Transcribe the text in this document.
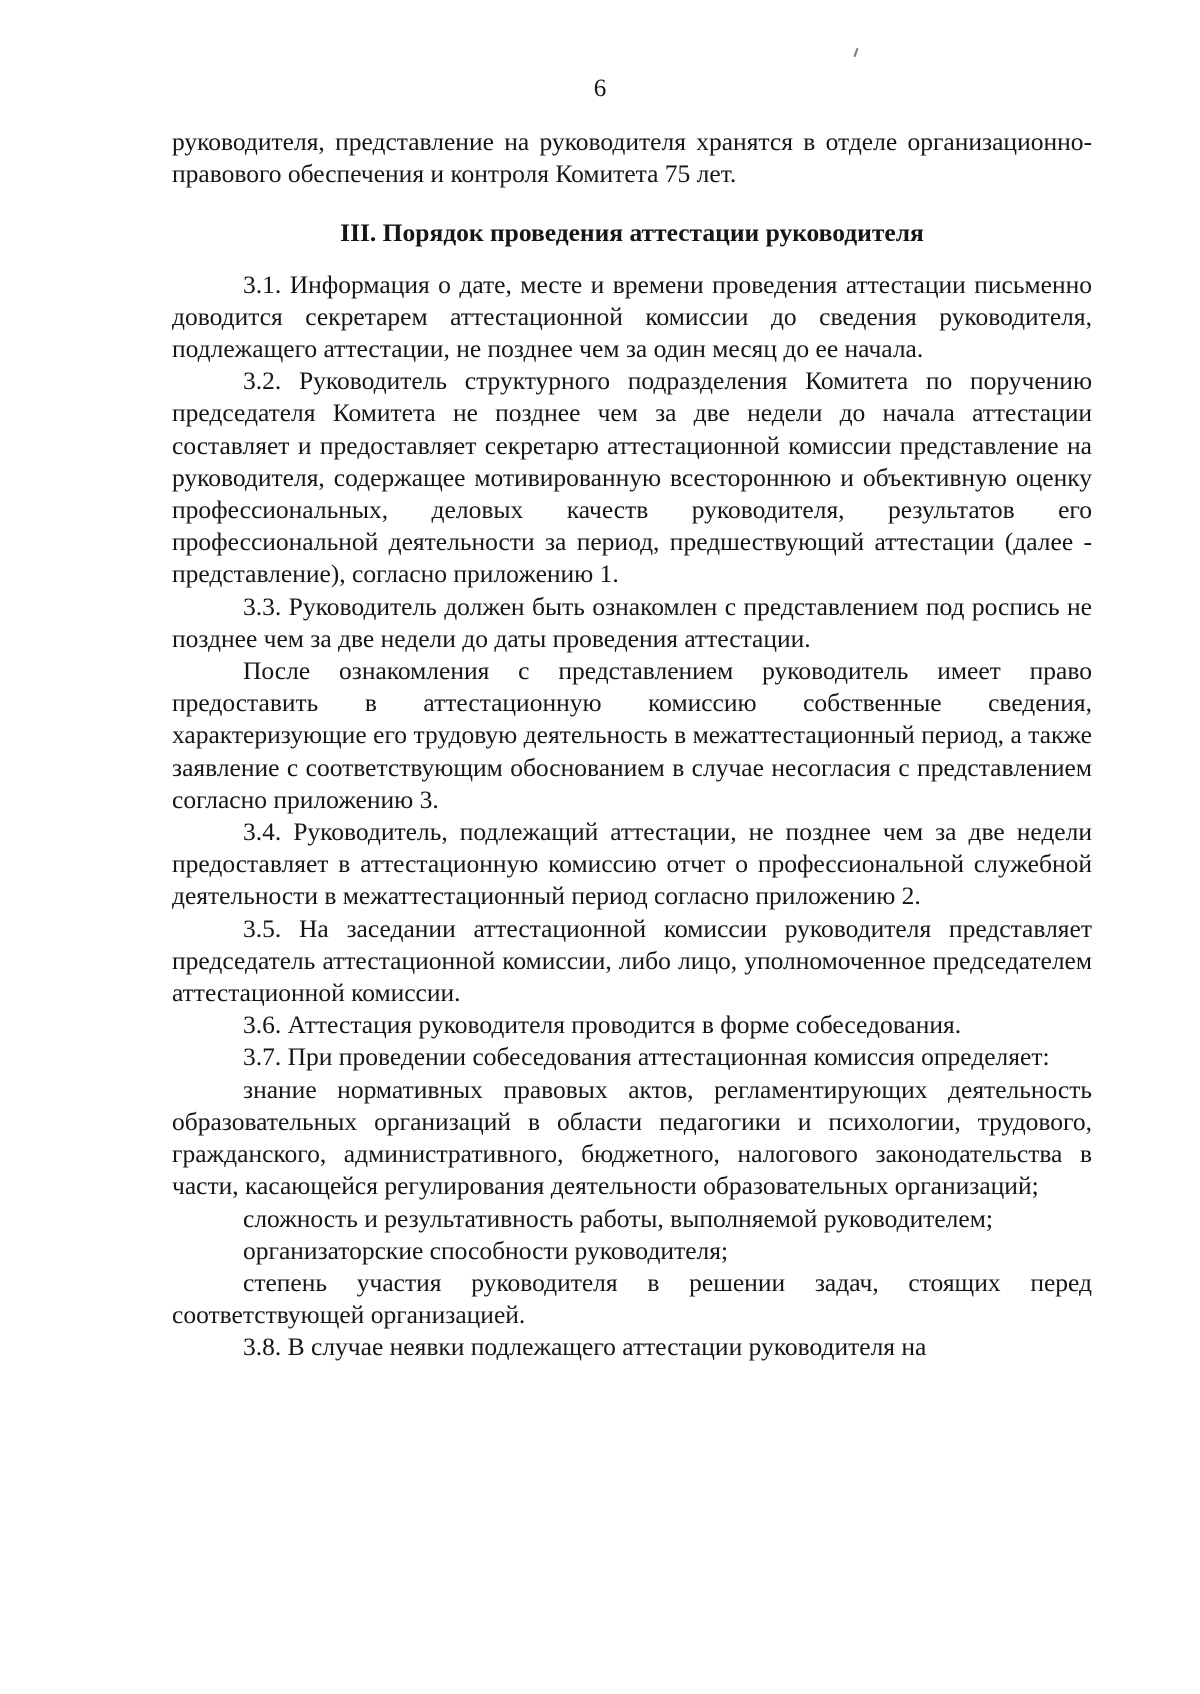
6

руководителя, представление на руководителя хранятся в отделе организационно-правового обеспечения и контроля Комитета 75 лет.

III. Порядок проведения аттестации руководителя

3.1. Информация о дате, месте и времени проведения аттестации письменно доводится секретарем аттестационной комиссии до сведения руководителя, подлежащего аттестации, не позднее чем за один месяц до ее начала.

3.2. Руководитель структурного подразделения Комитета по поручению председателя Комитета не позднее чем за две недели до начала аттестации составляет и предоставляет секретарю аттестационной комиссии представление на руководителя, содержащее мотивированную всестороннюю и объективную оценку профессиональных, деловых качеств руководителя, результатов его профессиональной деятельности за период, предшествующий аттестации (далее - представление), согласно приложению 1.

3.3. Руководитель должен быть ознакомлен с представлением под роспись не позднее чем за две недели до даты проведения аттестации.

После ознакомления с представлением руководитель имеет право предоставить в аттестационную комиссию собственные сведения, характеризующие его трудовую деятельность в межаттестационный период, а также заявление с соответствующим обоснованием в случае несогласия с представлением согласно приложению 3.

3.4. Руководитель, подлежащий аттестации, не позднее чем за две недели предоставляет в аттестационную комиссию отчет о профессиональной служебной деятельности в межаттестационный период согласно приложению 2.

3.5. На заседании аттестационной комиссии руководителя представляет председатель аттестационной комиссии, либо лицо, уполномоченное председателем аттестационной комиссии.

3.6. Аттестация руководителя проводится в форме собеседования.

3.7. При проведении собеседования аттестационная комиссия определяет:

знание нормативных правовых актов, регламентирующих деятельность образовательных организаций в области педагогики и психологии, трудового, гражданского, административного, бюджетного, налогового законодательства в части, касающейся регулирования деятельности образовательных организаций;

сложность и результативность работы, выполняемой руководителем;

организаторские способности руководителя;

степень участия руководителя в решении задач, стоящих перед соответствующей организацией.

3.8. В случае неявки подлежащего аттестации руководителя на
